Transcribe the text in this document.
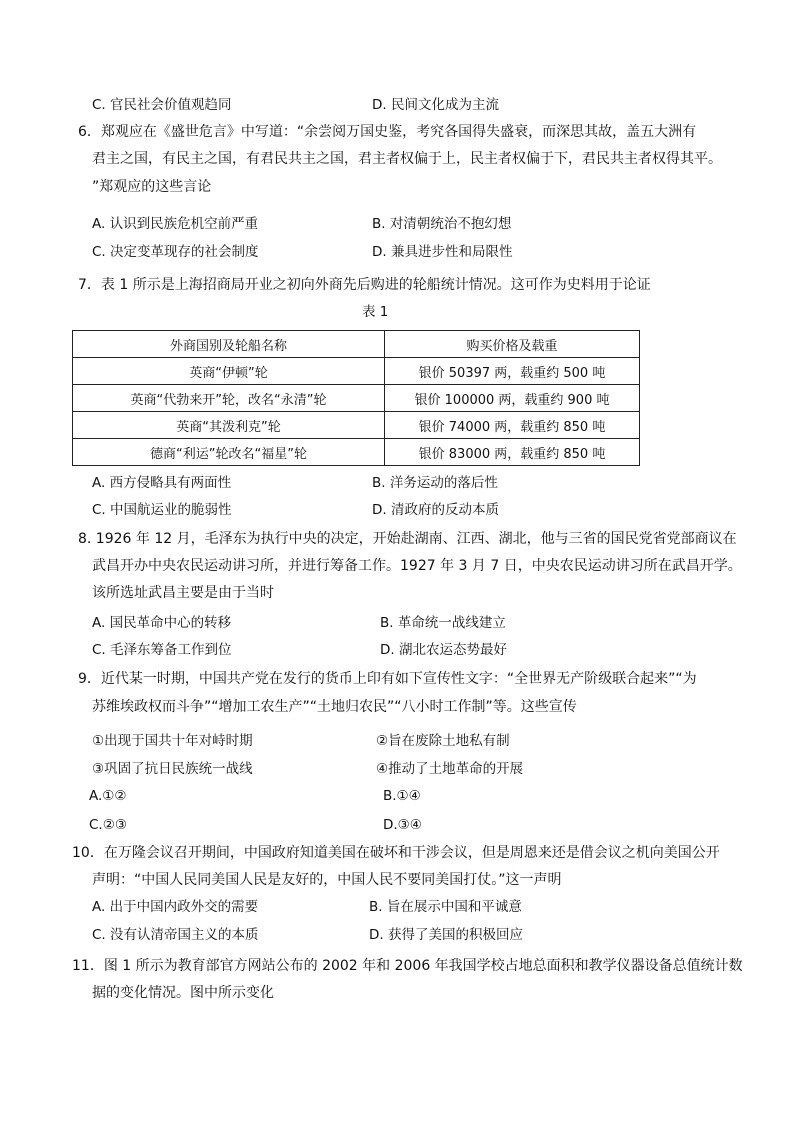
C. 官民社会价值观趋同	D. 民间文化成为主流
6．郑观应在《盛世危言》中写道：“余尝阅万国史鉴，考究各国得失盛衰，而深思其故，盖五大洲有
君主之国，有民主之国，有君民共主之国，君主者权偏于上，民主者权偏于下，君民共主者权得其平。
”郑观应的这些言论
A. 认识到民族危机空前严重	B. 对清朝统治不抱幻想
C. 决定变革现存的社会制度	D. 兼具进步性和局限性
7．表 1 所示是上海招商局开业之初向外商先后购进的轮船统计情况。这可作为史料用于论证
表 1
外商国别及轮船名称	购买价格及载重
英商“伊顿”轮	银价 50397 两，载重约 500 吨
英商“代勃来开”轮，改名“永清”轮	银价 100000 两，载重约 900 吨
英商“其泼利克”轮	银价 74000 两，载重约 850 吨
德商“利运”轮改名“福星”轮	银价 83000 两，载重约 850 吨
A. 西方侵略具有两面性	B. 洋务运动的落后性
C. 中国航运业的脆弱性	D. 清政府的反动本质
8. 1926 年 12 月，毛泽东为执行中央的决定，开始赴湖南、江西、湖北，他与三省的国民党省党部商议在
武昌开办中央农民运动讲习所，并进行筹备工作。1927 年 3 月 7 日，中央农民运动讲习所在武昌开学。
该所选址武昌主要是由于当时
A. 国民革命中心的转移	B. 革命统一战线建立
C. 毛泽东筹备工作到位	D. 湖北农运态势最好
9．近代某一时期，中国共产党在发行的货币上印有如下宣传性文字：“全世界无产阶级联合起来”“为
苏维埃政权而斗争”“增加工农生产”“土地归农民”“八小时工作制”等。这些宣传
①出现于国共十年对峙时期	②旨在废除土地私有制
③巩固了抗日民族统一战线	④推动了土地革命的开展
A.①②	B.①④
C.②③	D.③④
10．在万隆会议召开期间，中国政府知道美国在破坏和干涉会议，但是周恩来还是借会议之机向美国公开
声明：“中国人民同美国人民是友好的，中国人民不要同美国打仗。”这一声明
A. 出于中国内政外交的需要	B. 旨在展示中国和平诚意
C. 没有认清帝国主义的本质	D. 获得了美国的积极回应
11．图 1 所示为教育部官方网站公布的 2002 年和 2006 年我国学校占地总面积和教学仪器设备总值统计数
据的变化情况。图中所示变化
